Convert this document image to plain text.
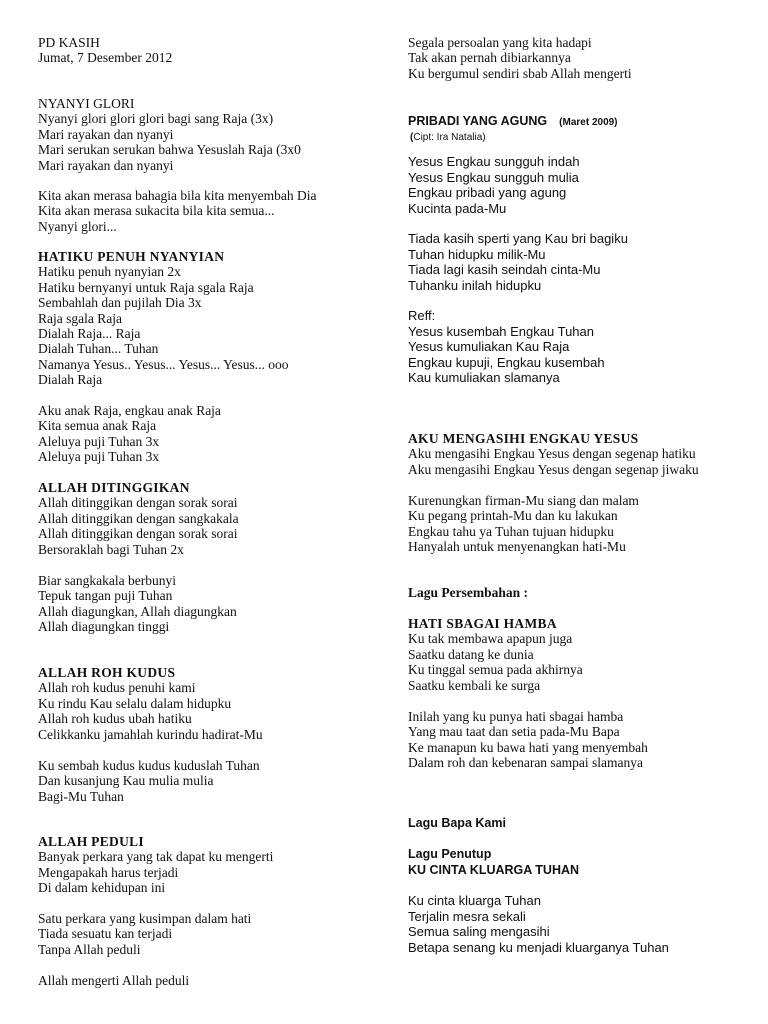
PD KASIH
Jumat, 7 Desember 2012
NYANYI GLORI
Nyanyi glori glori glori bagi sang Raja (3x)
Mari rayakan dan nyanyi
Mari serukan serukan bahwa Yesuslah Raja (3x0
Mari rayakan dan nyanyi
Kita akan merasa bahagia bila kita menyembah Dia
Kita akan merasa sukacita bila kita semua...
Nyanyi glori...
HATIKU PENUH NYANYIAN
Hatiku penuh nyanyian 2x
Hatiku bernyanyi untuk Raja sgala Raja
Sembahlah dan pujilah Dia 3x
Raja sgala Raja
Dialah Raja... Raja
Dialah Tuhan... Tuhan
Namanya Yesus.. Yesus... Yesus... Yesus... ooo
Dialah Raja
Aku anak Raja, engkau anak Raja
Kita semua anak Raja
Aleluya puji Tuhan 3x
Aleluya puji Tuhan 3x
ALLAH DITINGGIKAN
Allah ditinggikan dengan sorak sorai
Allah ditinggikan dengan sangkakala
Allah ditinggikan dengan sorak sorai
Bersoraklah bagi Tuhan 2x
Biar sangkakala berbunyi
Tepuk tangan puji Tuhan
Allah diagungkan, Allah diagungkan
Allah diagungkan tinggi
ALLAH ROH KUDUS
Allah roh kudus penuhi kami
Ku rindu Kau selalu dalam hidupku
Allah roh kudus ubah hatiku
Celikkanku jamahlah kurindu hadirat-Mu
Ku sembah kudus kudus kuduslah Tuhan
Dan kusanjung Kau mulia mulia
Bagi-Mu Tuhan
ALLAH PEDULI
Banyak perkara yang tak dapat ku mengerti
Mengapakah harus terjadi
Di dalam kehidupan ini
Satu perkara yang kusimpan dalam hati
Tiada sesuatu kan terjadi
Tanpa Allah peduli
Allah mengerti Allah peduli
Segala persoalan yang kita hadapi
Tak akan pernah dibiarkannya
Ku bergumul sendiri sbab Allah mengerti
PRIBADI YANG AGUNG (Maret 2009)
(Cipt: Ira Natalia)
Yesus Engkau sungguh indah
Yesus Engkau sungguh mulia
Engkau pribadi yang agung
Kucinta pada-Mu
Tiada kasih sperti yang Kau bri bagiku
Tuhan hidupku milik-Mu
Tiada lagi kasih seindah cinta-Mu
Tuhanku inilah hidupku
Reff:
Yesus kusembah Engkau Tuhan
Yesus kumuliakan Kau Raja
Engkau kupuji, Engkau kusembah
Kau kumuliakan slamanya
AKU MENGASIHI ENGKAU YESUS
Aku mengasihi Engkau Yesus dengan segenap hatiku
Aku mengasihi Engkau Yesus dengan segenap jiwaku
Kurenungkan firman-Mu siang dan malam
Ku pegang printah-Mu dan ku lakukan
Engkau tahu ya Tuhan tujuan hidupku
Hanyalah untuk menyenangkan hati-Mu
Lagu Persembahan :
HATI SBAGAI HAMBA
Ku tak membawa apapun juga
Saatku datang ke dunia
Ku tinggal semua pada akhirnya
Saatku kembali ke surga
Inilah yang ku punya hati sbagai hamba
Yang mau taat dan setia pada-Mu Bapa
Ke manapun ku bawa hati yang menyembah
Dalam roh dan kebenaran sampai slamanya
Lagu Bapa Kami
Lagu Penutup
KU CINTA KLUARGA TUHAN
Ku cinta kluarga Tuhan
Terjalin mesra sekali
Semua saling mengasihi
Betapa senang ku menjadi kluarganya Tuhan
